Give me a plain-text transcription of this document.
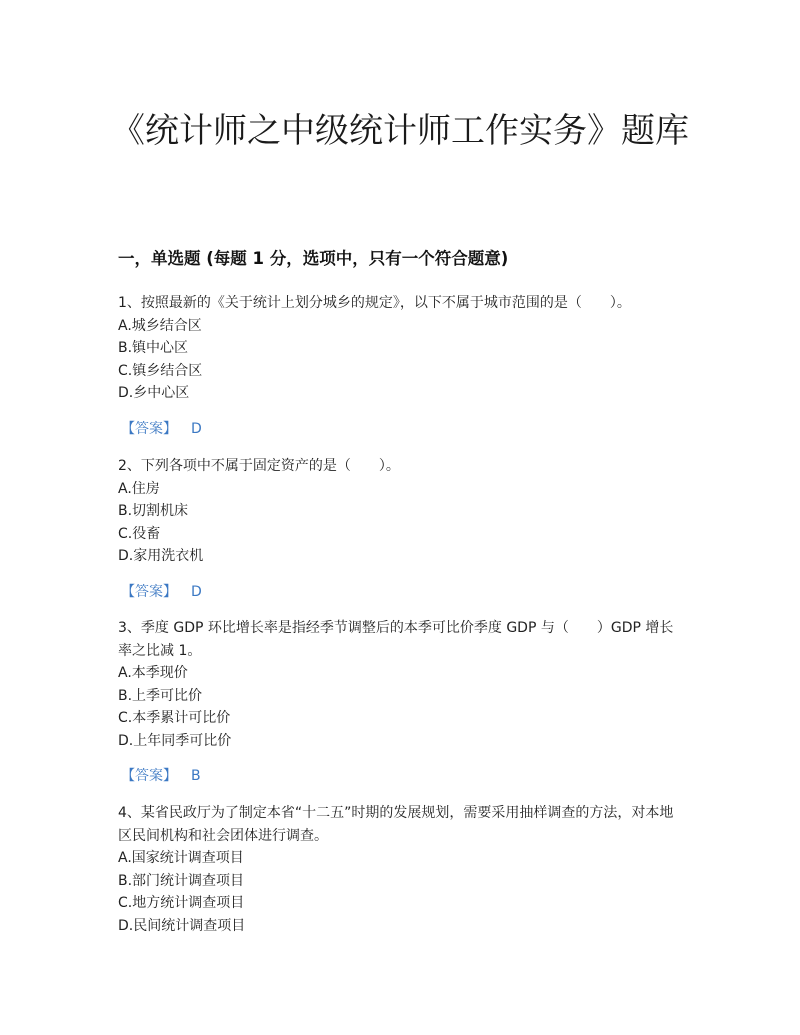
《统计师之中级统计师工作实务》题库
一，单选题 (每题 1 分，选项中，只有一个符合题意)

1、按照最新的《关于统计上划分城乡的规定》，以下不属于城市范围的是（　　）。

A.城乡结合区

B.镇中心区

C.镇乡结合区

D.乡中心区

【答案】 D

2、下列各项中不属于固定资产的是（　　）。

A.住房

B.切割机床

C.役畜

D.家用洗衣机

【答案】 D

3、季度 GDP 环比增长率是指经季节调整后的本季可比价季度 GDP 与（　　）GDP 增长率之比减 1。

A.本季现价

B.上季可比价

C.本季累计可比价

D.上年同季可比价

【答案】 B

4、某省民政厅为了制定本省“十二五”时期的发展规划，需要采用抽样调查的方法，对本地区民间机构和社会团体进行调查。

A.国家统计调查项目

B.部门统计调查项目

C.地方统计调查项目

D.民间统计调查项目
